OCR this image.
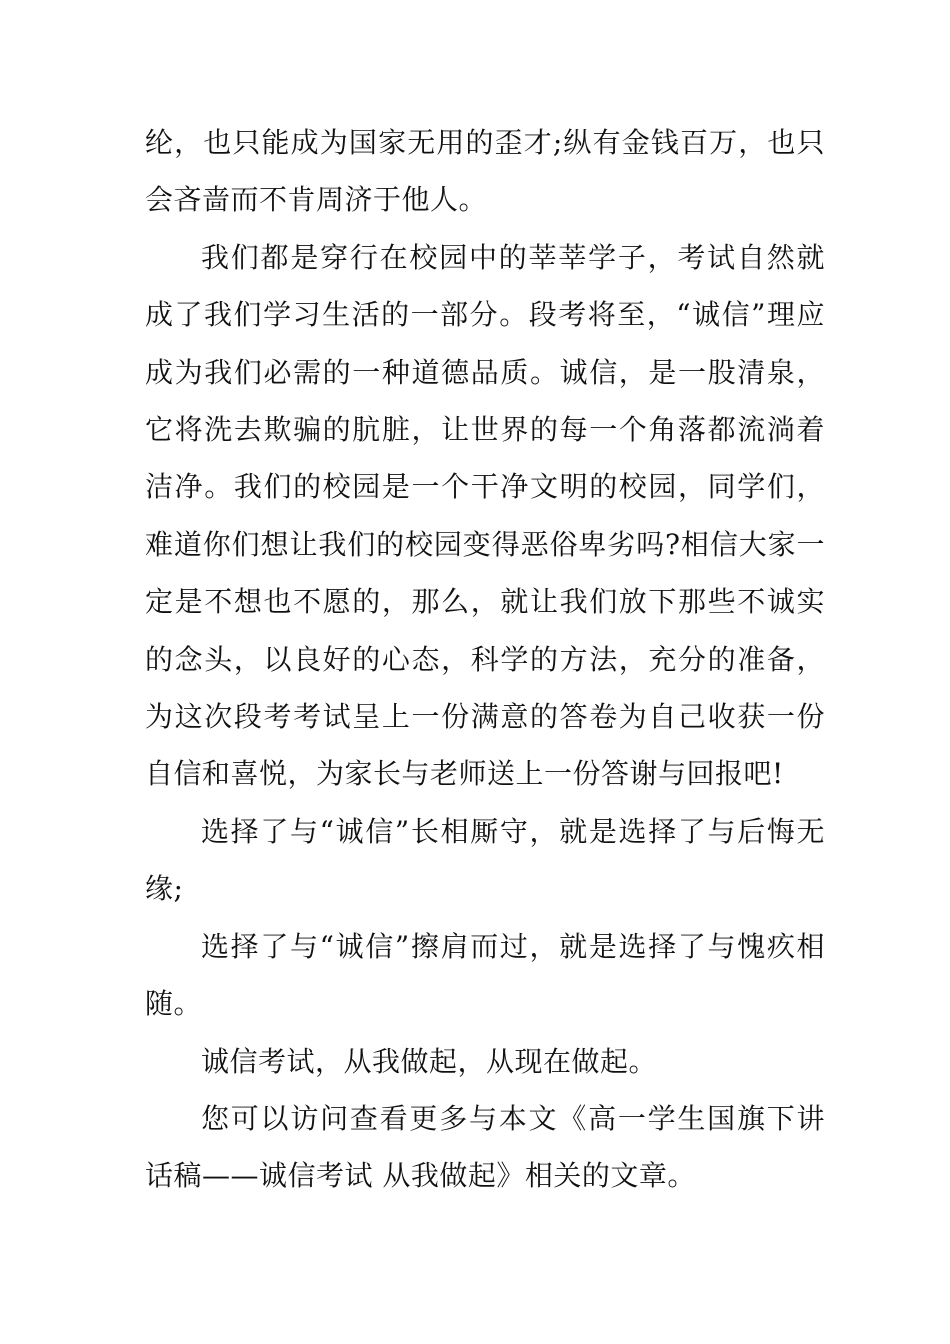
纶，也只能成为国家无用的歪才;纵有金钱百万，也只会吝啬而不肯周济于他人。

我们都是穿行在校园中的莘莘学子，考试自然就成了我们学习生活的一部分。段考将至，“诚信”理应成为我们必需的一种道德品质。诚信，是一股清泉，它将洗去欺骗的肮脏，让世界的每一个角落都流淌着洁净。我们的校园是一个干净文明的校园，同学们，难道你们想让我们的校园变得恶俗卑劣吗?相信大家一定是不想也不愿的，那么，就让我们放下那些不诚实的念头，以良好的心态，科学的方法，充分的准备，为这次段考考试呈上一份满意的答卷为自己收获一份自信和喜悦，为家长与老师送上一份答谢与回报吧!

选择了与“诚信”长相厮守，就是选择了与后悔无缘;

选择了与“诚信”擦肩而过，就是选择了与愧疚相随。

诚信考试，从我做起，从现在做起。

您可以访问查看更多与本文《高一学生国旗下讲话稿——诚信考试 从我做起》相关的文章。
